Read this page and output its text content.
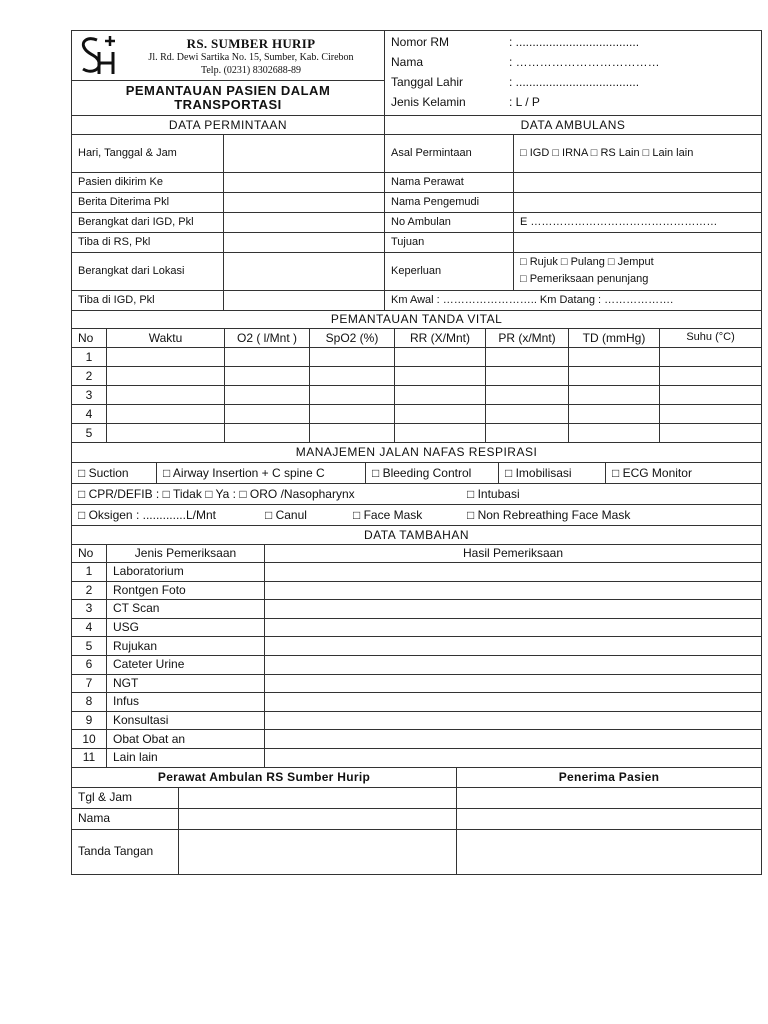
RS. SUMBER HURIP
Jl. Rd. Dewi Sartika No. 15, Sumber, Kab. Cirebon
Telp. (0231) 8302688-89

Nomor RM	: .....................................
Nama	: ………………………………
Tanggal Lahir	: .....................................
Jenis Kelamin	: L / P

PEMANTAUAN PASIEN DALAM TRANSPORTASI
DATA PERMINTAAN		DATA AMBULANS	
Hari, Tanggal & Jam		Asal Permintaan	□ IGD □ IRNA □ RS Lain □ Lain lain
Pasien dikirim Ke		Nama Perawat	
Berita Diterima Pkl		Nama Pengemudi	
Berangkat dari IGD, Pkl		No Ambulan	E ……………………………………………
Tiba di RS, Pkl		Tujuan	
Berangkat dari Lokasi		Keperluan	□ Rujuk □ Pulang □ Jemput
□ Pemeriksaan penunjang

Tiba di IGD, Pkl		Km Awal : …………………….. Km Datang : ……………….	
PEMANTAUAN TANDA VITAL							
No	Waktu	O2 ( l/Mnt )	SpO2 (%)	RR (X/Mnt)	PR (x/Mnt)	TD (mmHg)	Suhu (°C)
1							
2							
3							
4							
5							
MANAJEMEN JALAN NAFAS RESPIRASI
□ Suction	□ Airway Insertion + C spine C	□ Bleeding Control	□ Imobilisasi	□ ECG Monitor
□ CPR/DEFIB : □ Tidak □ Ya : □ ORO /Nasopharynx	□ Intubasi

□ Oksigen : .............L/Mnt	□ Canul	□ Face Mask	□ Non Rebreathing Face Mask
DATA TAMBAHAN		
No	Jenis Pemeriksaan	Hasil Pemeriksaan
1	Laboratorium	
2	Rontgen Foto	
3	CT Scan	
4	USG	
5	Rujukan	
6	Cateter Urine	
7	NGT	
8	Infus	
9	Konsultasi	
10	Obat Obat an	
11	Lain lain	
Perawat Ambulan RS Sumber Hurip		Penerima Pasien
Tgl & Jam		
Nama		
Tanda Tangan		
